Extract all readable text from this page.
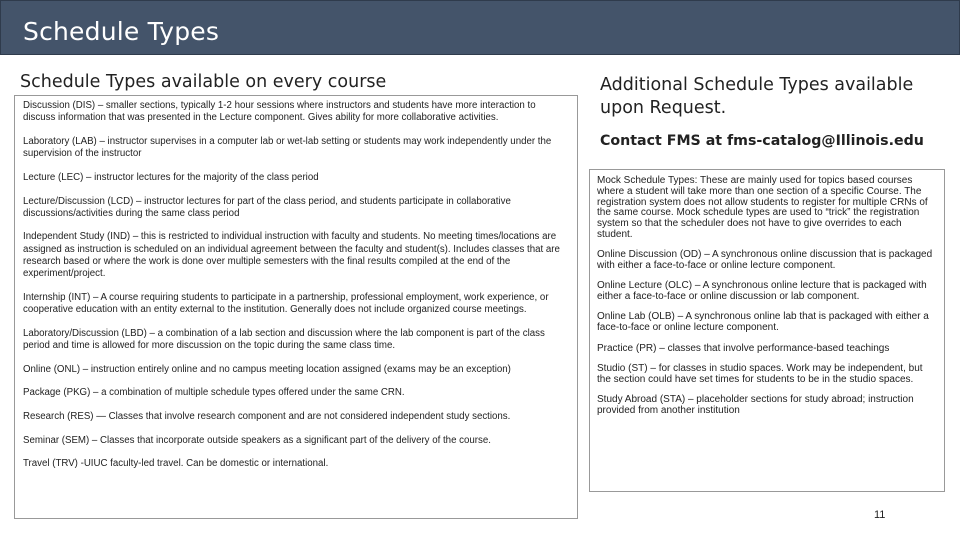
Schedule Types
Schedule Types available on every course

Discussion (DIS) – smaller sections, typically 1-2 hour sessions where instructors and students have more interaction to discuss information that was presented in the Lecture component. Gives ability for more collaborative activities.

Laboratory (LAB) – instructor supervises in a computer lab or wet-lab setting or students may work independently under the supervision of the instructor

Lecture (LEC) – instructor lectures for the majority of the class period

Lecture/Discussion (LCD) – instructor lectures for part of the class period, and students participate in collaborative discussions/activities during the same class period

Independent Study (IND) – this is restricted to individual instruction with faculty and students. No meeting times/locations are assigned as instruction is scheduled on an individual agreement between the faculty and student(s). Includes classes that are research based or where the work is done over multiple semesters with the final results compiled at the end of the experiment/project.

Internship (INT) – A course requiring students to participate in a partnership, professional employment, work experience, or cooperative education with an entity external to the institution. Generally does not include organized course meetings.

Laboratory/Discussion (LBD) – a combination of a lab section and discussion where the lab component is part of the class period and time is allowed for more discussion on the topic during the same class time.

Online (ONL) – instruction entirely online and no campus meeting location assigned (exams may be an exception)

Package (PKG) – a combination of multiple schedule types offered under the same CRN.

Research (RES) — Classes that involve research component and are not considered independent study sections.

Seminar (SEM) – Classes that incorporate outside speakers as a significant part of the delivery of the course.

Travel (TRV) -UIUC faculty-led travel. Can be domestic or international.

Additional Schedule Types available upon Request.

Contact FMS at fms-catalog@Illinois.edu

Mock Schedule Types: These are mainly used for topics based courses where a student will take more than one section of a specific Course. The registration system does not allow students to register for multiple CRNs of the same course. Mock schedule types are used to “trick” the registration system so that the scheduler does not have to give overrides to each student.

Online Discussion (OD) – A synchronous online discussion that is packaged with either a face-to-face or online lecture component.

Online Lecture (OLC) – A synchronous online lecture that is packaged with either a face-to-face or online discussion or lab component.

Online Lab (OLB) – A synchronous online lab that is packaged with either a face-to-face or online lecture component.

Practice (PR) – classes that involve performance-based teachings

Studio (ST) – for classes in studio spaces. Work may be independent, but the section could have set times for students to be in the studio spaces.

Study Abroad (STA) – placeholder sections for study abroad; instruction provided from another institution

11
